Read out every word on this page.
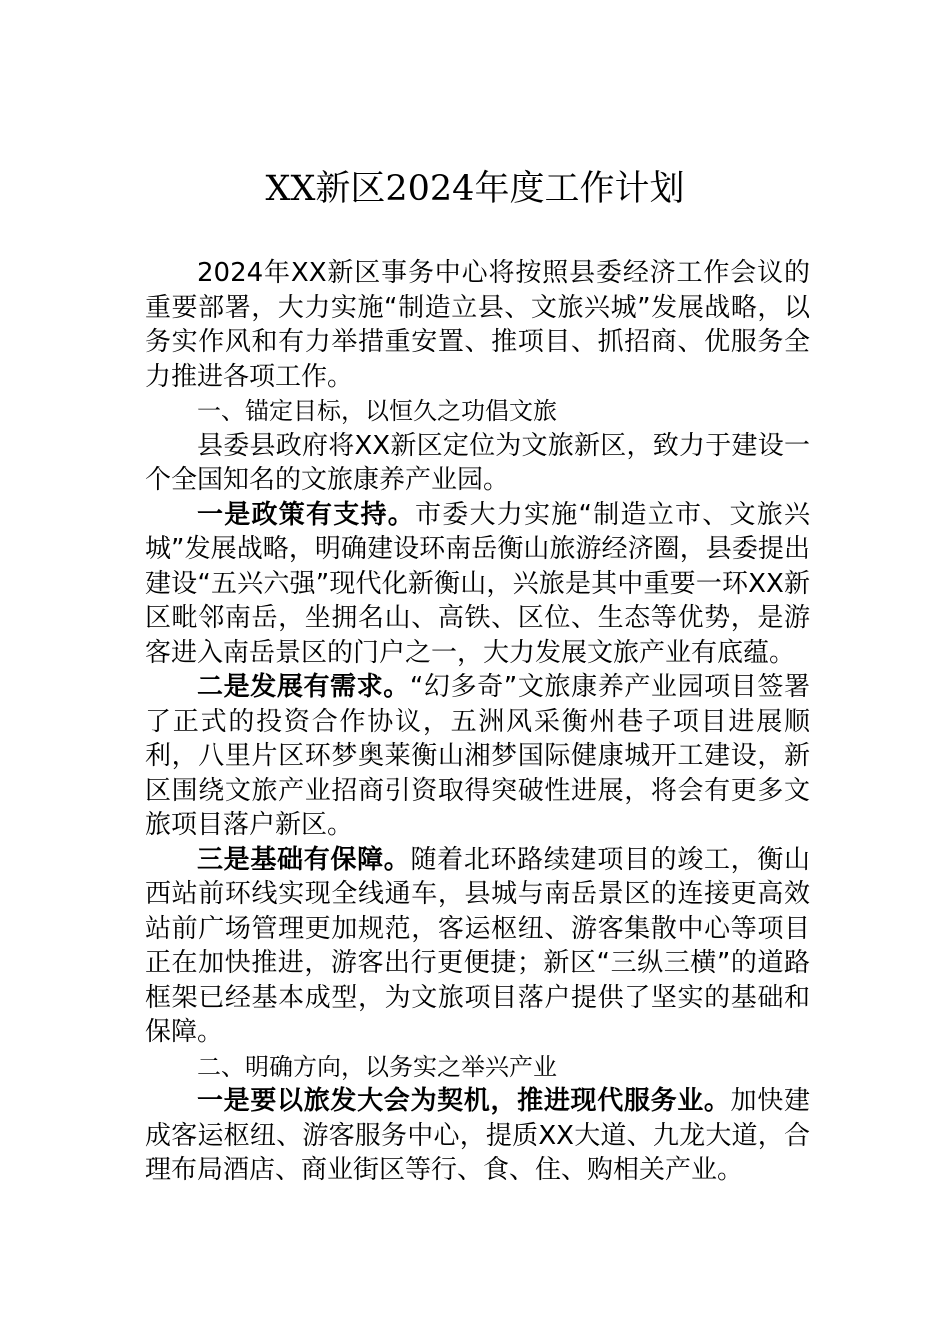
XX新区2024年度工作计划

2024年XX新区事务中心将按照县委经济工作会议的重要部署，大力实施“制造立县、文旅兴城”发展战略，以务实作风和有力举措重安置、推项目、抓招商、优服务全力推进各项工作。

一、锚定目标，以恒久之功倡文旅

县委县政府将XX新区定位为文旅新区，致力于建设一个全国知名的文旅康养产业园。

一是政策有支持。市委大力实施“制造立市、文旅兴城”发展战略，明确建设环南岳衡山旅游经济圈，县委提出建设“五兴六强”现代化新衡山，兴旅是其中重要一环XX新区毗邻南岳，坐拥名山、高铁、区位、生态等优势，是游客进入南岳景区的门户之一，大力发展文旅产业有底蕴。

二是发展有需求。“幻多奇”文旅康养产业园项目签署了正式的投资合作协议，五洲风采衡州巷子项目进展顺利，八里片区环梦奥莱衡山湘梦国际健康城开工建设，新区围绕文旅产业招商引资取得突破性进展，将会有更多文旅项目落户新区。

三是基础有保障。随着北环路续建项目的竣工，衡山西站前环线实现全线通车，县城与南岳景区的连接更高效站前广场管理更加规范，客运枢纽、游客集散中心等项目正在加快推进，游客出行更便捷；新区“三纵三横”的道路框架已经基本成型，为文旅项目落户提供了坚实的基础和保障。

二、明确方向，以务实之举兴产业

一是要以旅发大会为契机，推进现代服务业。加快建成客运枢纽、游客服务中心，提质XX大道、九龙大道，合理布局酒店、商业街区等行、食、住、购相关产业。
